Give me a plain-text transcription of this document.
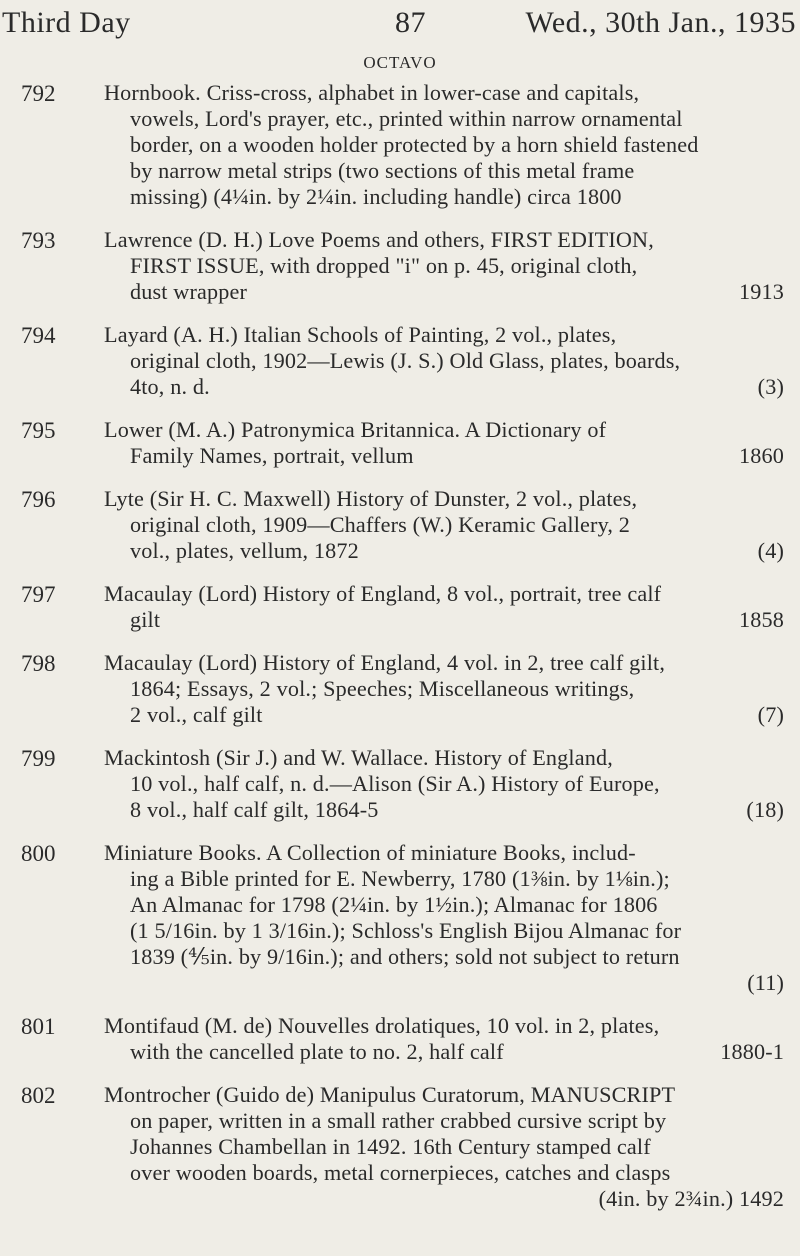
Third Day	87	Wed., 30th Jan., 1935
OCTAVO
792 Hornbook. Criss-cross, alphabet in lower-case and capitals,
vowels, Lord's prayer, etc., printed within narrow ornamental
border, on a wooden holder protected by a horn shield fastened
by narrow metal strips (two sections of this metal frame
missing) (4¼in. by 2¼in. including handle) circa 1800
793 Lawrence (D. H.) Love Poems and others, FIRST EDITION,
FIRST ISSUE, with dropped "i" on p. 45, original cloth,
dust wrapper	1913
794 Layard (A. H.) Italian Schools of Painting, 2 vol., plates,
original cloth, 1902—Lewis (J. S.) Old Glass, plates, boards,
4to, n. d.	(3)
795 Lower (M. A.) Patronymica Britannica. A Dictionary of
Family Names, portrait, vellum	1860
796 Lyte (Sir H. C. Maxwell) History of Dunster, 2 vol., plates,
original cloth, 1909—Chaffers (W.) Keramic Gallery, 2
vol., plates, vellum, 1872	(4)
797 Macaulay (Lord) History of England, 8 vol., portrait, tree calf
gilt	1858
798 Macaulay (Lord) History of England, 4 vol. in 2, tree calf gilt,
1864; Essays, 2 vol.; Speeches; Miscellaneous writings,
2 vol., calf gilt	(7)
799 Mackintosh (Sir J.) and W. Wallace. History of England,
10 vol., half calf, n. d.—Alison (Sir A.) History of Europe,
8 vol., half calf gilt, 1864-5	(18)
800 Miniature Books. A Collection of miniature Books, includ-
ing a Bible printed for E. Newberry, 1780 (1⅜in. by 1⅛in.);
An Almanac for 1798 (2¼in. by 1½in.); Almanac for 1806
(1 5/16in. by 1 3/16in.); Schloss's English Bijou Almanac for
1839 (⅘in. by 9/16in.); and others; sold not subject to return
(11)
801 Montifaud (M. de) Nouvelles drolatiques, 10 vol. in 2, plates,
with the cancelled plate to no. 2, half calf	1880-1
802 Montrocher (Guido de) Manipulus Curatorum, MANUSCRIPT
on paper, written in a small rather crabbed cursive script by
Johannes Chambellan in 1492. 16th Century stamped calf
over wooden boards, metal cornerpieces, catches and clasps
(4in. by 2¾in.) 1492
